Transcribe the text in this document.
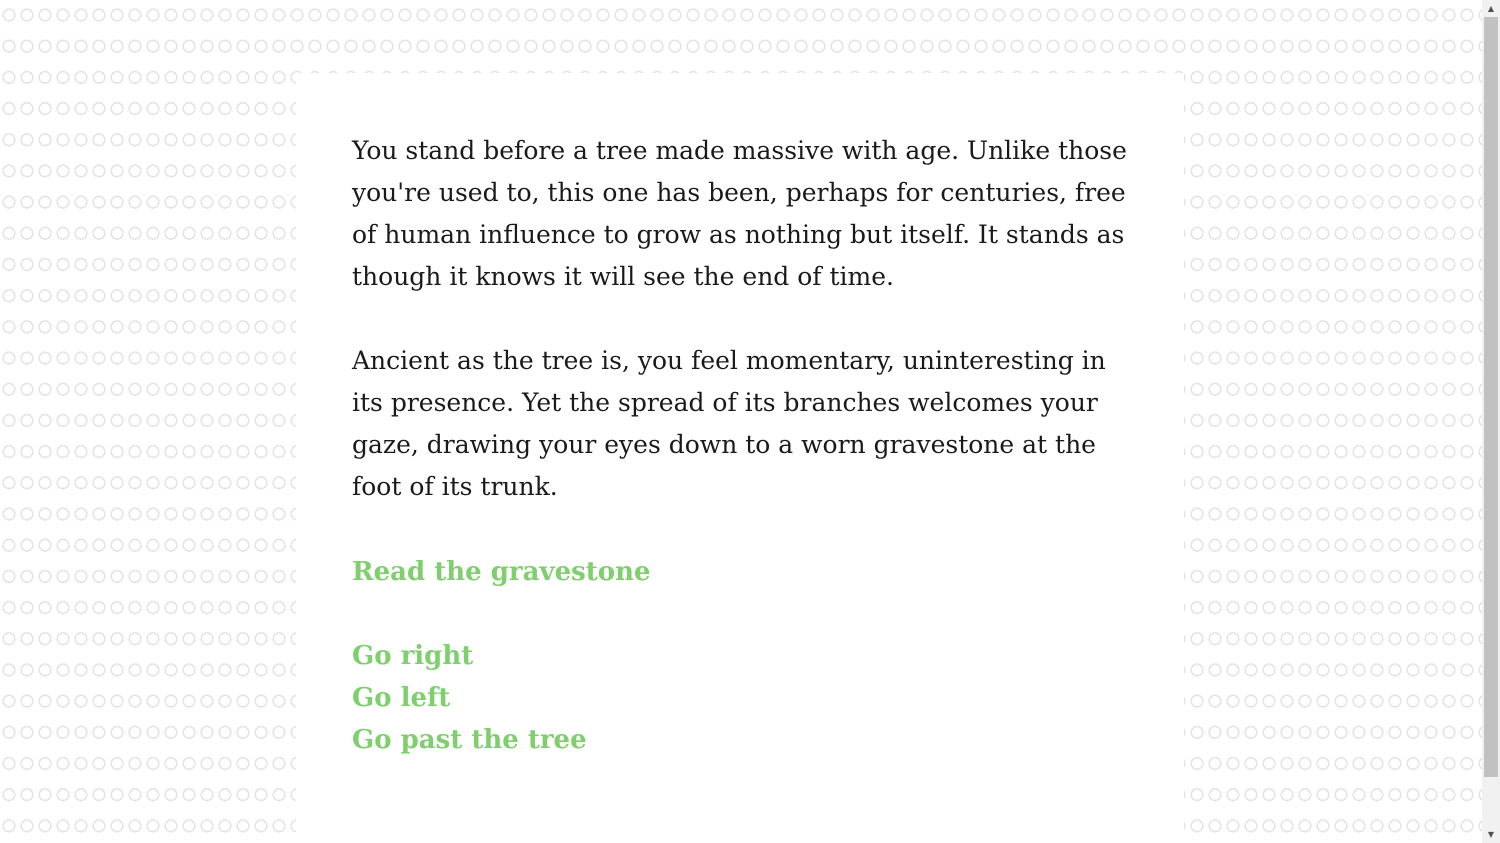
You stand before a tree made massive with age. Unlike those you're used to, this one has been, perhaps for centuries, free of human influence to grow as nothing but itself. It stands as though it knows it will see the end of time.

Ancient as the tree is, you feel momentary, uninteresting in its presence. Yet the spread of its branches welcomes your gaze, drawing your eyes down to a worn gravestone at the foot of its trunk.

Read the gravestone
Go right
Go left
Go past the tree
▲
▼
